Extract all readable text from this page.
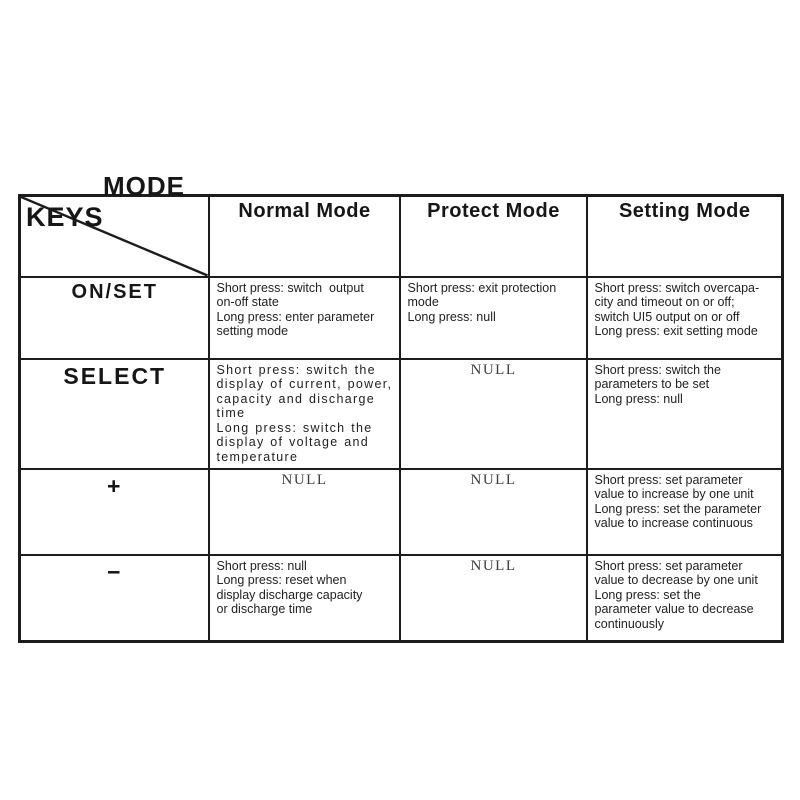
MODE
KEYS	Normal Mode	Protect Mode	Setting Mode
ON/SET	Short press: switch  output
on-off state
Long press: enter parameter
setting mode	Short press: exit protection
mode
Long press: null	Short press: switch overcapa-
city and timeout on or off;
switch UI5 output on or off
Long press: exit setting mode
SELECT	Short press: switch the
display of current, power,
capacity and discharge time
Long press: switch the
display of voltage and
temperature	NULL	Short press: switch the
parameters to be set
Long press: null
+	NULL	NULL	Short press: set parameter
value to increase by one unit
Long press: set the parameter
value to increase continuous
−	Short press: null
Long press: reset when
display discharge capacity
or discharge time	NULL	Short press: set parameter
value to decrease by one unit
Long press: set the
parameter value to decrease
continuously
